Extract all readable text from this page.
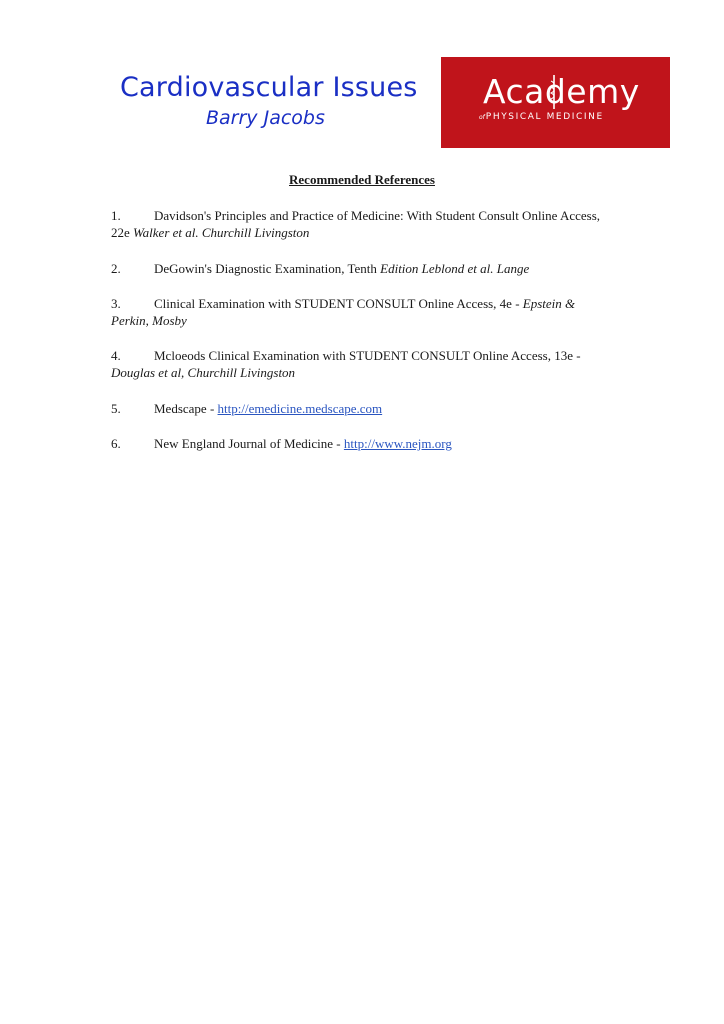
Cardiovascular Issues
Barry Jacobs
Academy
ofPHYSICAL MEDICINE
Recommended References
1.	Davidson's Principles and Practice of Medicine: With Student Consult Online Access, 22e Walker et al. Churchill Livingston
2.	DeGowin's Diagnostic Examination, Tenth Edition Leblond et al. Lange
3.	Clinical Examination with STUDENT CONSULT Online Access, 4e - Epstein & Perkin, Mosby
4.	Mcloeods Clinical Examination with STUDENT CONSULT Online Access, 13e - Douglas et al, Churchill Livingston
5.	Medscape - http://emedicine.medscape.com
6.	New England Journal of Medicine - http://www.nejm.org
